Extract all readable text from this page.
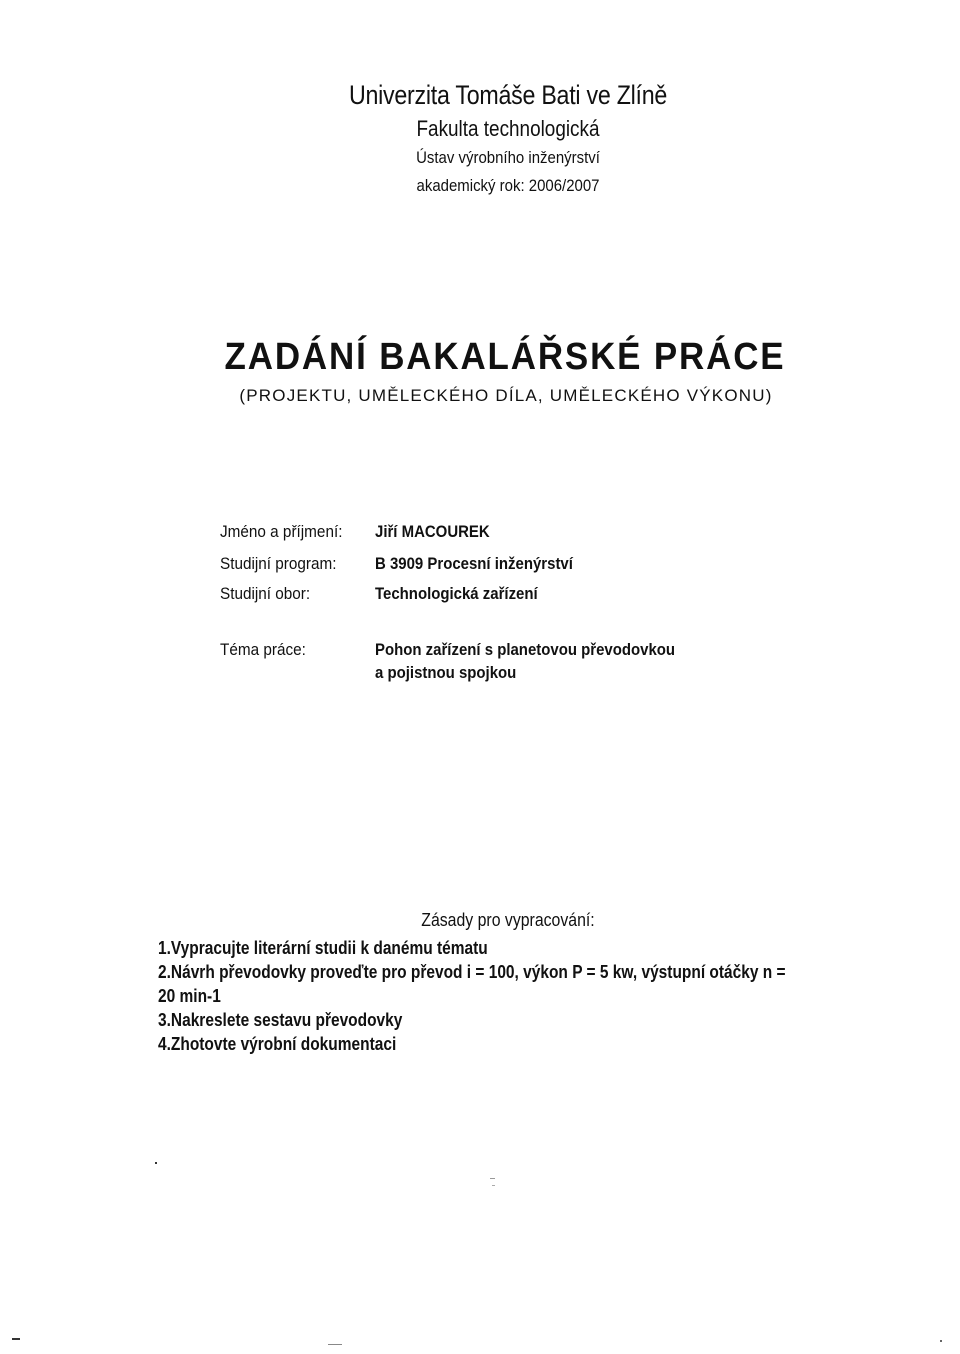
Univerzita Tomáše Bati ve Zlíně
Fakulta technologická
Ústav výrobního inženýrství
akademický rok: 2006/2007
ZADÁNÍ BAKALÁŘSKÉ PRÁCE
(PROJEKTU, UMĚLECKÉHO DÍLA, UMĚLECKÉHO VÝKONU)
Jméno a příjmení: Jiří MACOUREK
Studijní program: B 3909 Procesní inženýrství
Studijní obor:	Technologická zařízení
Téma práce:	Pohon zařízení s planetovou převodovkou
a pojistnou spojkou
Zásady pro vypracování:
1.Vypracujte literární studii k danému tématu
2.Návrh převodovky proveďte pro převod i = 100, výkon P = 5 kw, výstupní otáčky n =
20 min-1
3.Nakreslete sestavu převodovky
4.Zhotovte výrobní dokumentaci
